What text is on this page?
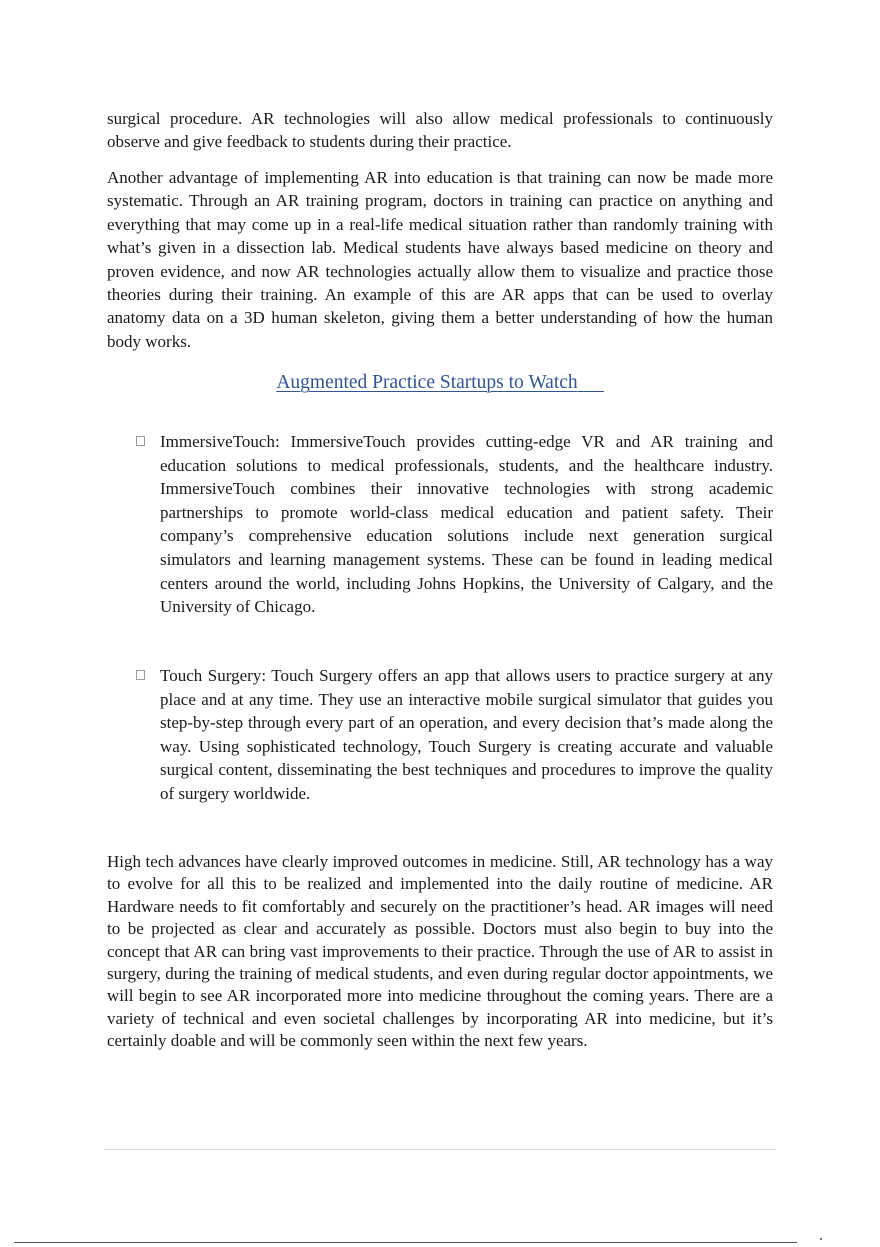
surgical procedure. AR technologies will also allow medical professionals to continuously observe and give feedback to students during their practice.

Another advantage of implementing AR into education is that training can now be made more systematic. Through an AR training program, doctors in training can practice on anything and everything that may come up in a real-life medical situation rather than randomly training with what’s given in a dissection lab. Medical students have always based medicine on theory and proven evidence, and now AR technologies actually allow them to visualize and practice those theories during their training. An example of this are AR apps that can be used to overlay anatomy data on a 3D human skeleton, giving them a better understanding of how the human body works.

Augmented Practice Startups to Watch
ImmersiveTouch: ImmersiveTouch provides cutting-edge VR and AR training and education solutions to medical professionals, students, and the healthcare industry. ImmersiveTouch combines their innovative technologies with strong academic partnerships to promote world-class medical education and patient safety. Their company’s comprehensive education solutions include next generation surgical simulators and learning management systems. These can be found in leading medical centers around the world, including Johns Hopkins, the University of Calgary, and the University of Chicago.
Touch Surgery: Touch Surgery offers an app that allows users to practice surgery at any place and at any time. They use an interactive mobile surgical simulator that guides you step-by-step through every part of an operation, and every decision that’s made along the way. Using sophisticated technology, Touch Surgery is creating accurate and valuable surgical content, disseminating the best techniques and procedures to improve the quality of surgery worldwide.

High tech advances have clearly improved outcomes in medicine. Still, AR technology has a way to evolve for all this to be realized and implemented into the daily routine of medicine. AR Hardware needs to fit comfortably and securely on the practitioner’s head. AR images will need to be projected as clear and accurately as possible. Doctors must also begin to buy into the concept that AR can bring vast improvements to their practice. Through the use of AR to assist in surgery, during the training of medical students, and even during regular doctor appointments, we will begin to see AR incorporated more into medicine throughout the coming years. There are a variety of technical and even societal challenges by incorporating AR into medicine, but it’s certainly doable and will be commonly seen within the next few years.
